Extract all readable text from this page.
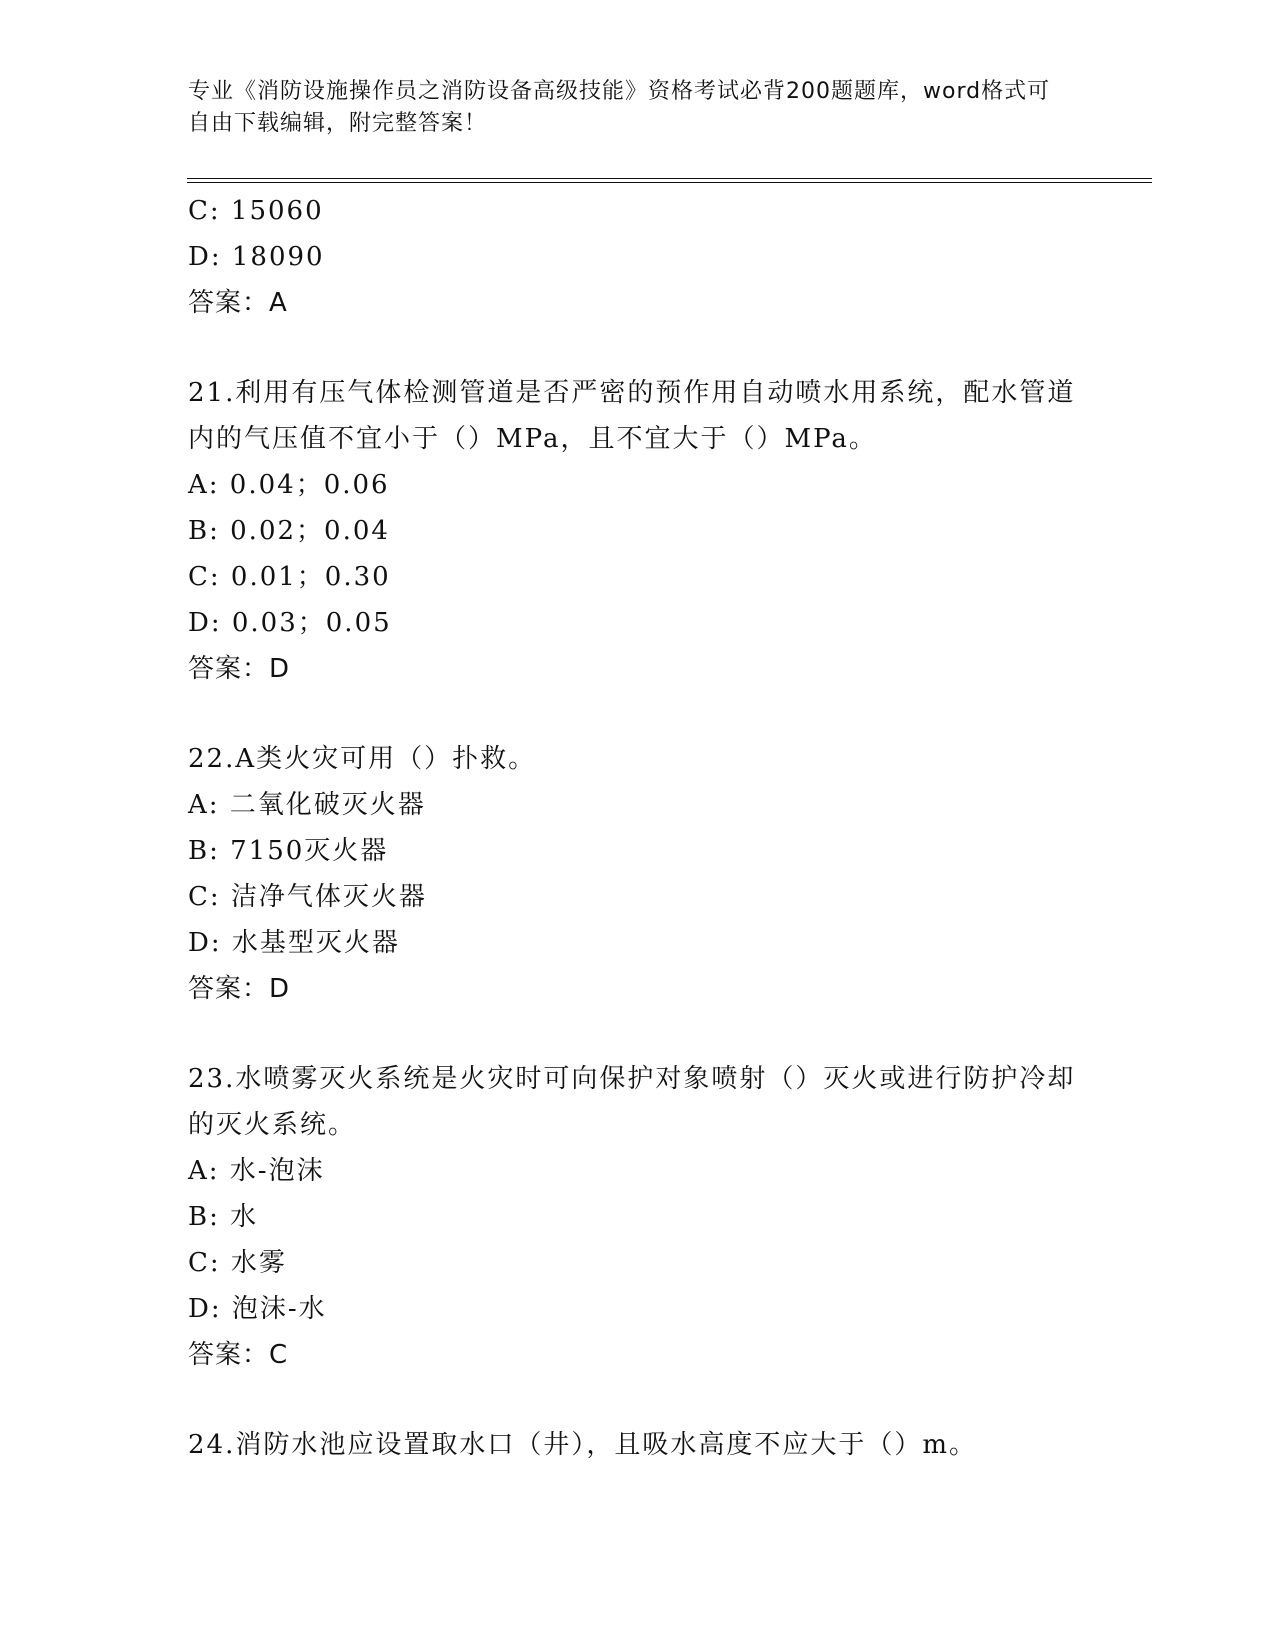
专业《消防设施操作员之消防设备高级技能》资格考试必背200题题库，word格式可自由下载编辑，附完整答案！
C: 15060
D: 18090
答案：A
21.利用有压气体检测管道是否严密的预作用自动喷水用系统，配水管道内的气压值不宜小于（）MPa，且不宜大于（）MPa。
A: 0.04；0.06
B: 0.02；0.04
C: 0.01；0.30
D: 0.03；0.05
答案：D
22.A类火灾可用（）扑救。
A: 二氧化破灭火器
B: 7150灭火器
C: 洁净气体灭火器
D: 水基型灭火器
答案：D
23.水喷雾灭火系统是火灾时可向保护对象喷射（）灭火或进行防护冷却的灭火系统。
A: 水-泡沫
B: 水
C: 水雾
D: 泡沫-水
答案：C
24.消防水池应设置取水口（井），且吸水高度不应大于（）m。
